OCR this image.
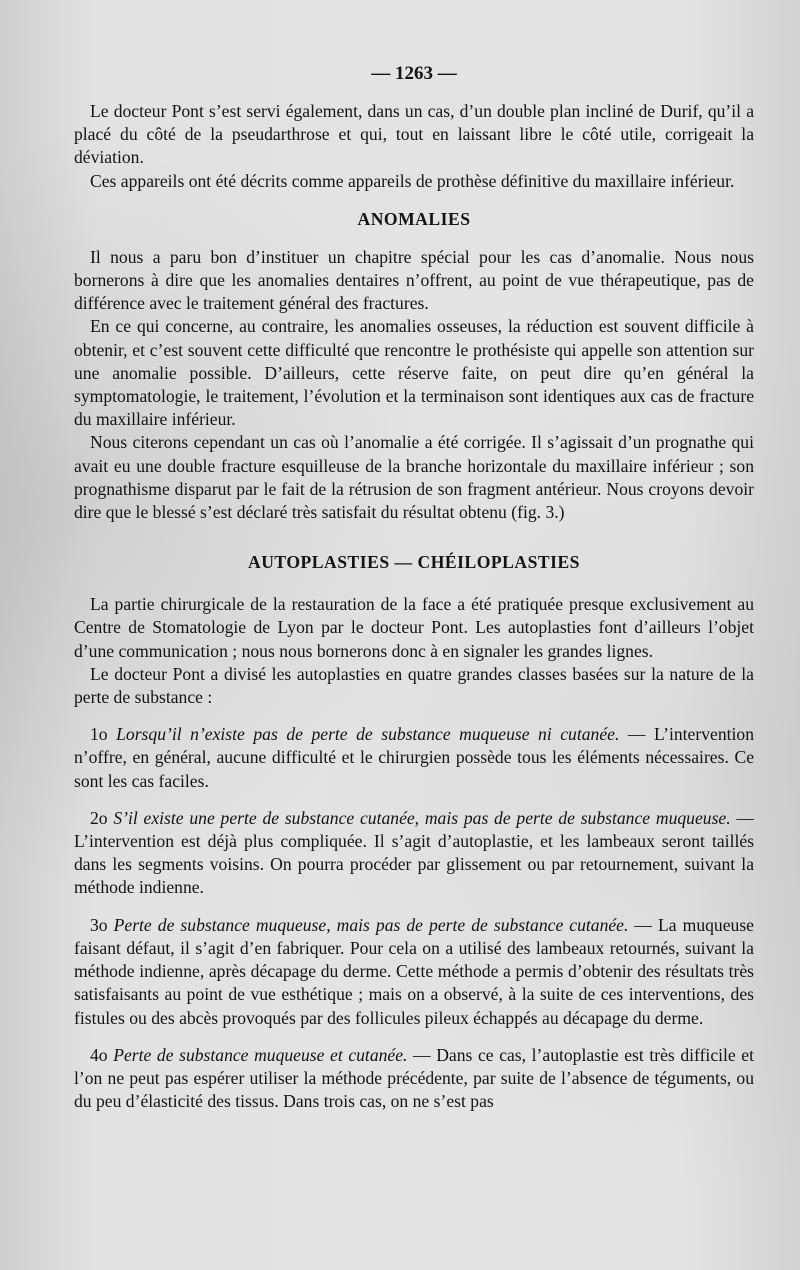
— 1263 —

Le docteur Pont s’est servi également, dans un cas, d’un double plan incliné de Durif, qu’il a placé du côté de la pseudarthrose et qui, tout en laissant libre le côté utile, corrigeait la déviation.

Ces appareils ont été décrits comme appareils de prothèse définitive du maxillaire inférieur.

ANOMALIES

Il nous a paru bon d’instituer un chapitre spécial pour les cas d’anomalie. Nous nous bornerons à dire que les anomalies dentaires n’offrent, au point de vue thérapeutique, pas de différence avec le traitement général des fractures.

En ce qui concerne, au contraire, les anomalies osseuses, la réduction est souvent difficile à obtenir, et c’est souvent cette difficulté que rencontre le prothésiste qui appelle son attention sur une anomalie possible. D’ailleurs, cette réserve faite, on peut dire qu’en général la symptomatologie, le traitement, l’évolution et la terminaison sont identiques aux cas de fracture du maxillaire inférieur.

Nous citerons cependant un cas où l’anomalie a été corrigée. Il s’agissait d’un prognathe qui avait eu une double fracture esquilleuse de la branche horizontale du maxillaire inférieur ; son prognathisme disparut par le fait de la rétrusion de son fragment antérieur. Nous croyons devoir dire que le blessé s’est déclaré très satisfait du résultat obtenu (fig. 3.)

AUTOPLASTIES — CHÉILOPLASTIES

La partie chirurgicale de la restauration de la face a été pratiquée presque exclusivement au Centre de Stomatologie de Lyon par le docteur Pont. Les autoplasties font d’ailleurs l’objet d’une communication ; nous nous bornerons donc à en signaler les grandes lignes.

Le docteur Pont a divisé les autoplasties en quatre grandes classes basées sur la nature de la perte de substance :

1o Lorsqu’il n’existe pas de perte de substance muqueuse ni cutanée. — L’intervention n’offre, en général, aucune difficulté et le chirurgien possède tous les éléments nécessaires. Ce sont les cas faciles.

2o S’il existe une perte de substance cutanée, mais pas de perte de substance muqueuse. — L’intervention est déjà plus compliquée. Il s’agit d’autoplastie, et les lambeaux seront taillés dans les segments voisins. On pourra procéder par glissement ou par retournement, suivant la méthode indienne.

3o Perte de substance muqueuse, mais pas de perte de substance cutanée. — La muqueuse faisant défaut, il s’agit d’en fabriquer. Pour cela on a utilisé des lambeaux retournés, suivant la méthode indienne, après décapage du derme. Cette méthode a permis d’obtenir des résultats très satisfaisants au point de vue esthétique ; mais on a observé, à la suite de ces interventions, des fistules ou des abcès provoqués par des follicules pileux échappés au décapage du derme.

4o Perte de substance muqueuse et cutanée. — Dans ce cas, l’autoplastie est très difficile et l’on ne peut pas espérer utiliser la méthode précédente, par suite de l’absence de téguments, ou du peu d’élasticité des tissus. Dans trois cas, on ne s’est pas
